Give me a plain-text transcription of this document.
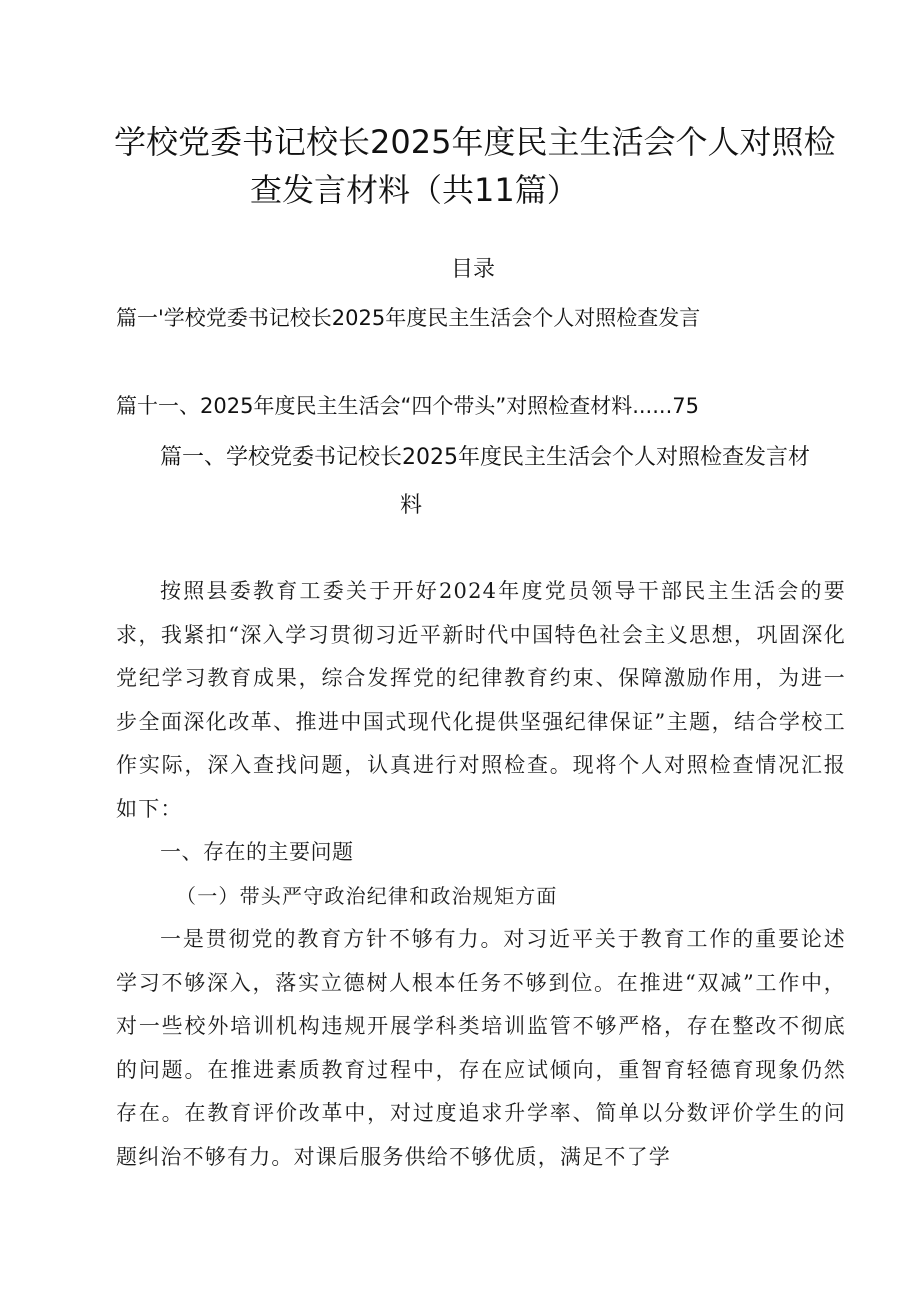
学校党委书记校长2025年度民主生活会个人对照检
查发言材料（共11篇）
目录
篇一'学校党委书记校长2025年度民主生活会个人对照检查发言
篇十一、2025年度民主生活会“四个带头”对照检查材料......75
篇一、学校党委书记校长2025年度民主生活会个人对照检查发言材
料

按照县委教育工委关于开好2024年度党员领导干部民主生活会的要求，我紧扣“深入学习贯彻习近平新时代中国特色社会主义思想，巩固深化党纪学习教育成果，综合发挥党的纪律教育约束、保障激励作用，为进一步全面深化改革、推进中国式现代化提供坚强纪律保证”主题，结合学校工作实际，深入查找问题，认真进行对照检查。现将个人对照检查情况汇报如下：

一、存在的主要问题

（一）带头严守政治纪律和政治规矩方面

一是贯彻党的教育方针不够有力。对习近平关于教育工作的重要论述学习不够深入，落实立德树人根本任务不够到位。在推进“双减”工作中，对一些校外培训机构违规开展学科类培训监管不够严格，存在整改不彻底的问题。在推进素质教育过程中，存在应试倾向，重智育轻德育现象仍然存在。在教育评价改革中，对过度追求升学率、简单以分数评价学生的问题纠治不够有力。对课后服务供给不够优质，满足不了学
